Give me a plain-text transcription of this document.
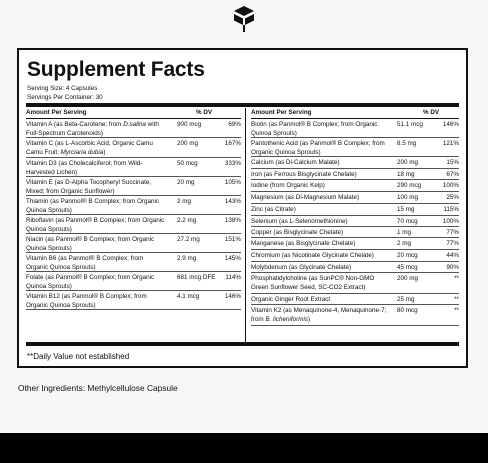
Supplement Facts
Serving Size: 4 Capsules
Servings Per Container: 30
Amount Per Serving	% DV
Vitamin A (as Beta-Carotene; from D.salina with Full-Spectrum Carotenoids)
900 mcg	69%
Vitamin C (as L-Ascorbic Acid, Organic Camu Camu Fruit; Myrciaria dubia)
200 mg	167%
Vitamin D3 (as Cholecalciferol; from Wild-Harvested Lichen)
50 mcg	333%
Vitamin E (as D-Alpha Tocopheryl Succinate, Mixed; from Organic Sunflower)
20 mg	105%
Thiamin (as Panmol® B Complex; from Organic Quinoa Sprouts)
2 mg	143%
Riboflavin (as Panmol® B Complex; from Organic Quinoa Sprouts)
2.2 mg	138%
Niacin (as Panmol® B Complex; from Organic Quinoa Sprouts)
27.2 mg	151%
Vitamin B6 (as Panmol® B Complex; from Organic Quinoa Sprouts)
2.9 mg	145%
Folate (as Panmol® B Complex; from Organic Quinoa Sprouts)
681 mcg DFE 114%
Vitamin B12 (as Panmol® B Complex; from Organic Quinoa Sprouts)
4.1 mcg	146%
Amount Per Serving	% DV
Biotin (as Panmol® B Complex; from Organic Quinoa Sprouts)
51.1 mcg	146%
Pantothenic Acid (as Panmol® B Complex; from Organic Quinoa Sprouts)
8.5 mg	121%
Calcium (as Di-Calcium Malate)	200 mg	15%
Iron (as Ferrous Bisglycinate Chelate)	18 mg	67%
Iodine (from Organic Kelp)	290 mcg	100%
Magnesium (as Di-Magnesium Malate)	100 mg	25%
Zinc (as Citrate)	15 mg	115%
Selenium (as L-Selenomethionine)	70 mcg	100%
Copper (as Bisglycinate Chelate)	1 mg	77%
Manganese (as Bisglycinate Chelate)	2 mg	77%
Chromium (as Nicotinate Glycinate Chelate)	20 mcg	44%
Molybdenum (as Glycinate Chelate)	45 mcg	90%
Phosphatidylcholine (as SunPC® Non-GMO Green Sunflower Seed, SC-CO2 Extract)
200 mg	**
Organic Ginger Root Extract	25 mg	**
Vitamin K2 (as Menaquinone-4, Menaquinone-7; from B. licheniformis)
80 mcg	**
**Daily Value not established
Other Ingredients: Methylcellulose Capsule
